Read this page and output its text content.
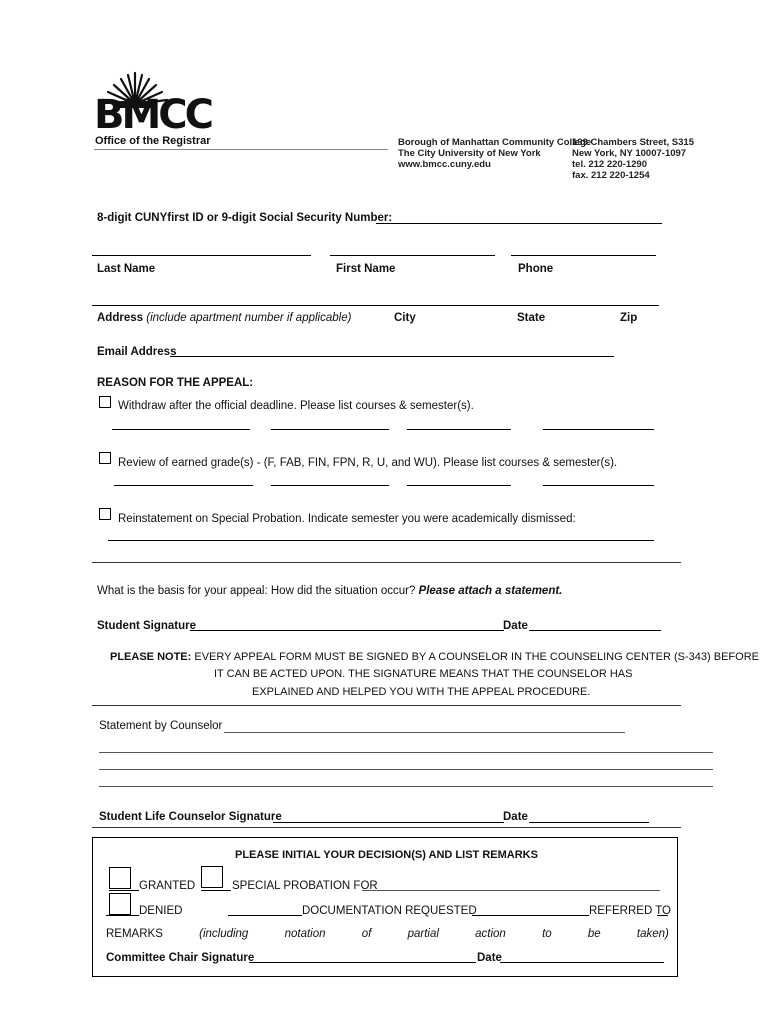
BMCC
Office of the Registrar	Borough of Manhattan Community College
The City University of New York
www.bmcc.cuny.edu
199 Chambers Street, S315
New York, NY 10007-1097
tel. 212 220-1290
fax. 212 220-1254
8-digit CUNYfirst ID or 9-digit Social Security Number:
Last Name	First Name	Phone
Address (include apartment number if applicable)	City	State	Zip
Email Address
REASON FOR THE APPEAL:
Withdraw after the official deadline. Please list courses & semester(s).
Review of earned grade(s) - (F, FAB, FIN, FPN, R, U, and WU). Please list courses & semester(s).
Reinstatement on Special Probation. Indicate semester you were academically dismissed:
What is the basis for your appeal: How did the situation occur? Please attach a statement.
Student Signature	Date
PLEASE NOTE: EVERY APPEAL FORM MUST BE SIGNED BY A COUNSELOR IN THE COUNSELING CENTER (S-343) BEFORE
IT CAN BE ACTED UPON. THE SIGNATURE MEANS THAT THE COUNSELOR HAS
EXPLAINED AND HELPED YOU WITH THE APPEAL PROCEDURE.
Statement by Counselor
Student Life Counselor Signature	Date
PLEASE INITIAL YOUR DECISION(S) AND LIST REMARKS
GRANTED	SPECIAL PROBATION FOR
DENIED	DOCUMENTATION REQUESTED	REFERRED TO
REMARKS	(including	notation	of	partial	action	to	be	taken)
Committee Chair Signature	Date
